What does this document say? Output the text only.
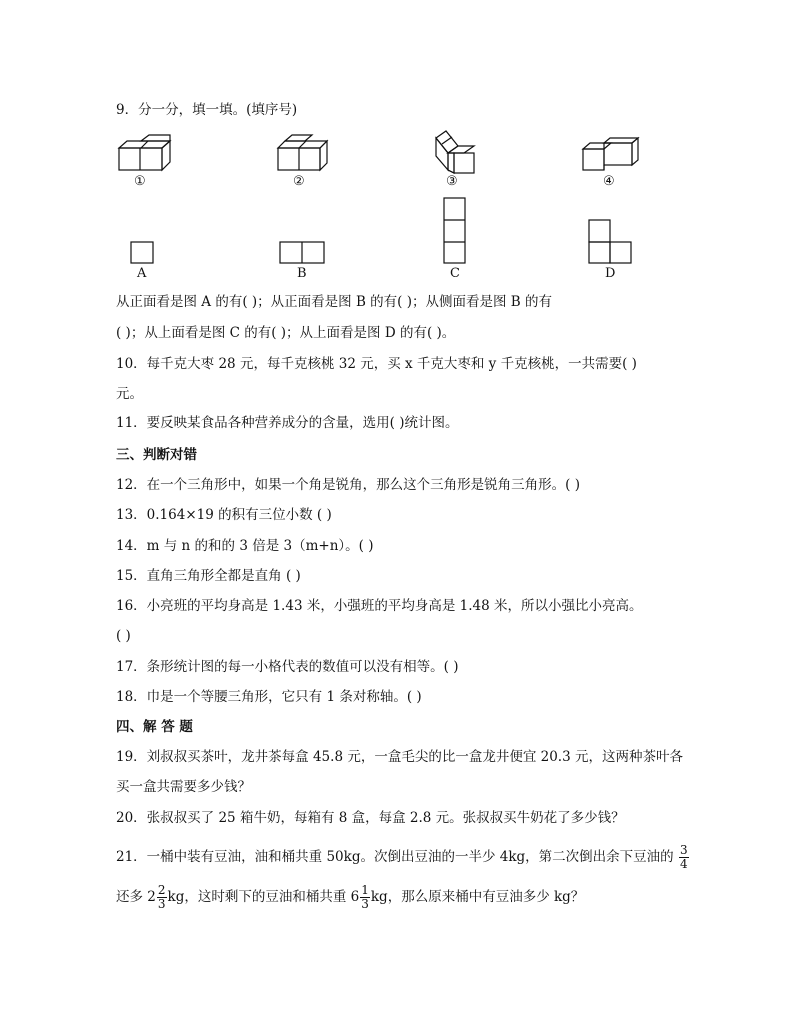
9．分一分，填一填。(填序号)
①	②	③	④
A	B	C	D
从正面看是图 A 的有( )；从正面看是图 B 的有( )；从侧面看是图 B 的有
( )；从上面看是图 C 的有( )；从上面看是图 D 的有( )。
10．每千克大枣 28 元，每千克核桃 32 元，买 x 千克大枣和 y 千克核桃，一共需要( )
元。
11．要反映某食品各种营养成分的含量，选用( )统计图。
三、判断对错
12．在一个三角形中，如果一个角是锐角，那么这个三角形是锐角三角形。( )
13．0.164×19 的积有三位小数 ( )
14．m 与 n 的和的 3 倍是 3（m+n）。( )
15．直角三角形全都是直角 ( )
16．小亮班的平均身高是 1.43 米，小强班的平均身高是 1.48 米，所以小强比小亮高。
( )
17．条形统计图的每一小格代表的数值可以没有相等。( )
18．巾是一个等腰三角形，它只有 1 条对称轴。( )
四、解 答 题
19．刘叔叔买茶叶，龙井茶每盒 45.8 元，一盒毛尖的比一盒龙井便宜 20.3 元，这两种茶叶各
买一盒共需要多少钱？
20．张叔叔买了 25 箱牛奶，每箱有 8 盒，每盒 2.8 元。张叔叔买牛奶花了多少钱？
21．一桶中装有豆油，油和桶共重 50kg。次倒出豆油的一半少 4kg，第二次倒出余下豆油的 $\frac{3}{4}$
还多 $2 \frac{2}{3}$ kg，这时剩下的豆油和桶共重 $6 \frac{1}{3}$ kg，那么原来桶中有豆油多少 kg？
